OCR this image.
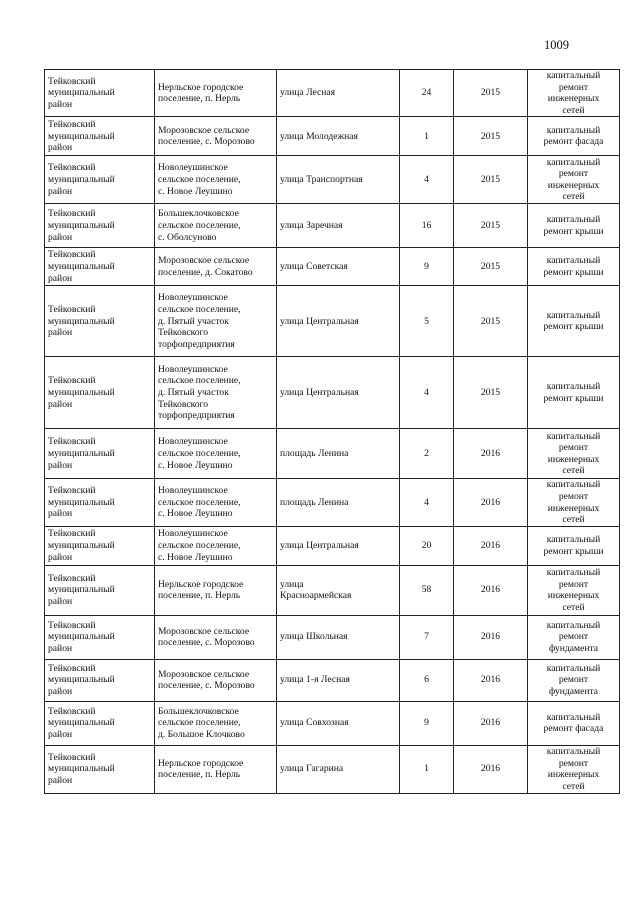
1009
Тейковский
муниципальный
район	Нерльское городское
поселение, п. Нерль	улица Лесная	24	2015	капитальный
ремонт
инженерных
сетей

Тейковский
муниципальный
район	Морозовское сельское
поселение, с. Морозово	улица Молодежная	1	2015	капитальный
ремонт фасада

Тейковский
муниципальный
район	Новолеушинское
сельское поселение,
с. Новое Леушино	улица Транспортная	4	2015	капитальный
ремонт
инженерных
сетей

Тейковский
муниципальный
район	Большеклочковское
сельское поселение,
с. Оболсуново	улица Заречная	16	2015	капитальный
ремонт крыши

Тейковский
муниципальный
район	Морозовское сельское
поселение, д. Сокатово	улица Советская	9	2015	капитальный
ремонт крыши

Тейковский
муниципальный
район	Новолеушинское
сельское поселение,
д. Пятый участок
Тейковского
торфопредприятия	улица Центральная	5	2015	капитальный
ремонт крыши

Тейковский
муниципальный
район	Новолеушинское
сельское поселение,
д. Пятый участок
Тейковского
торфопредприятия	улица Центральная	4	2015	капитальный
ремонт крыши

Тейковский
муниципальный
район	Новолеушинское
сельское поселение,
с. Новое Леушино	площадь Ленина	2	2016	капитальный
ремонт
инженерных
сетей

Тейковский
муниципальный
район	Новолеушинское
сельское поселение,
с. Новое Леушино	площадь Ленина	4	2016	капитальный
ремонт
инженерных
сетей

Тейковский
муниципальный
район	Новолеушинское
сельское поселение,
с. Новое Леушино	улица Центральная	20	2016	капитальный
ремонт крыши

Тейковский
муниципальный
район	Нерльское городское
поселение, п. Нерль	улица
Красноармейская	58	2016	капитальный
ремонт
инженерных
сетей

Тейковский
муниципальный
район	Морозовское сельское
поселение, с. Морозово	улица Школьная	7	2016	капитальный
ремонт
фундамента

Тейковский
муниципальный
район	Морозовское сельское
поселение, с. Морозово	улица 1-я Лесная	6	2016	капитальный
ремонт
фундамента

Тейковский
муниципальный
район	Большеклочковское
сельское поселение,
д. Большое Клочково	улица Совхозная	9	2016	капитальный
ремонт фасада

Тейковский
муниципальный
район	Нерльское городское
поселение, п. Нерль	улица Гагарина	1	2016	капитальный
ремонт
инженерных
сетей
